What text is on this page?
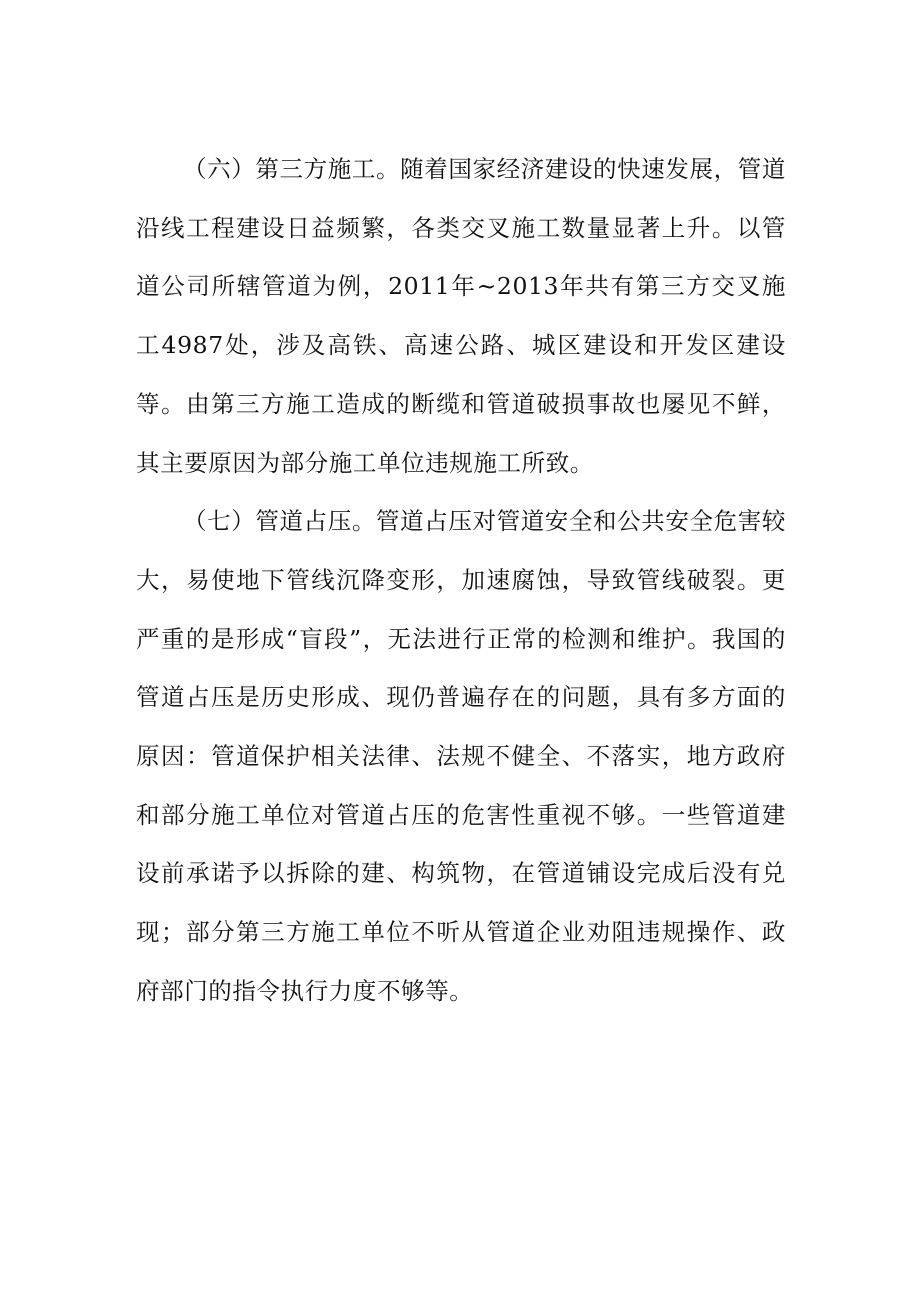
（六）第三方施工。随着国家经济建设的快速发展，管道沿线工程建设日益频繁，各类交叉施工数量显著上升。以管道公司所辖管道为例，2011年~2013年共有第三方交叉施工4987处，涉及高铁、高速公路、城区建设和开发区建设等。由第三方施工造成的断缆和管道破损事故也屡见不鲜，其主要原因为部分施工单位违规施工所致。

（七）管道占压。管道占压对管道安全和公共安全危害较大，易使地下管线沉降变形，加速腐蚀，导致管线破裂。更严重的是形成“盲段”，无法进行正常的检测和维护。我国的管道占压是历史形成、现仍普遍存在的问题，具有多方面的原因：管道保护相关法律、法规不健全、不落实，地方政府和部分施工单位对管道占压的危害性重视不够。一些管道建设前承诺予以拆除的建、构筑物，在管道铺设完成后没有兑现；部分第三方施工单位不听从管道企业劝阻违规操作、政府部门的指令执行力度不够等。
